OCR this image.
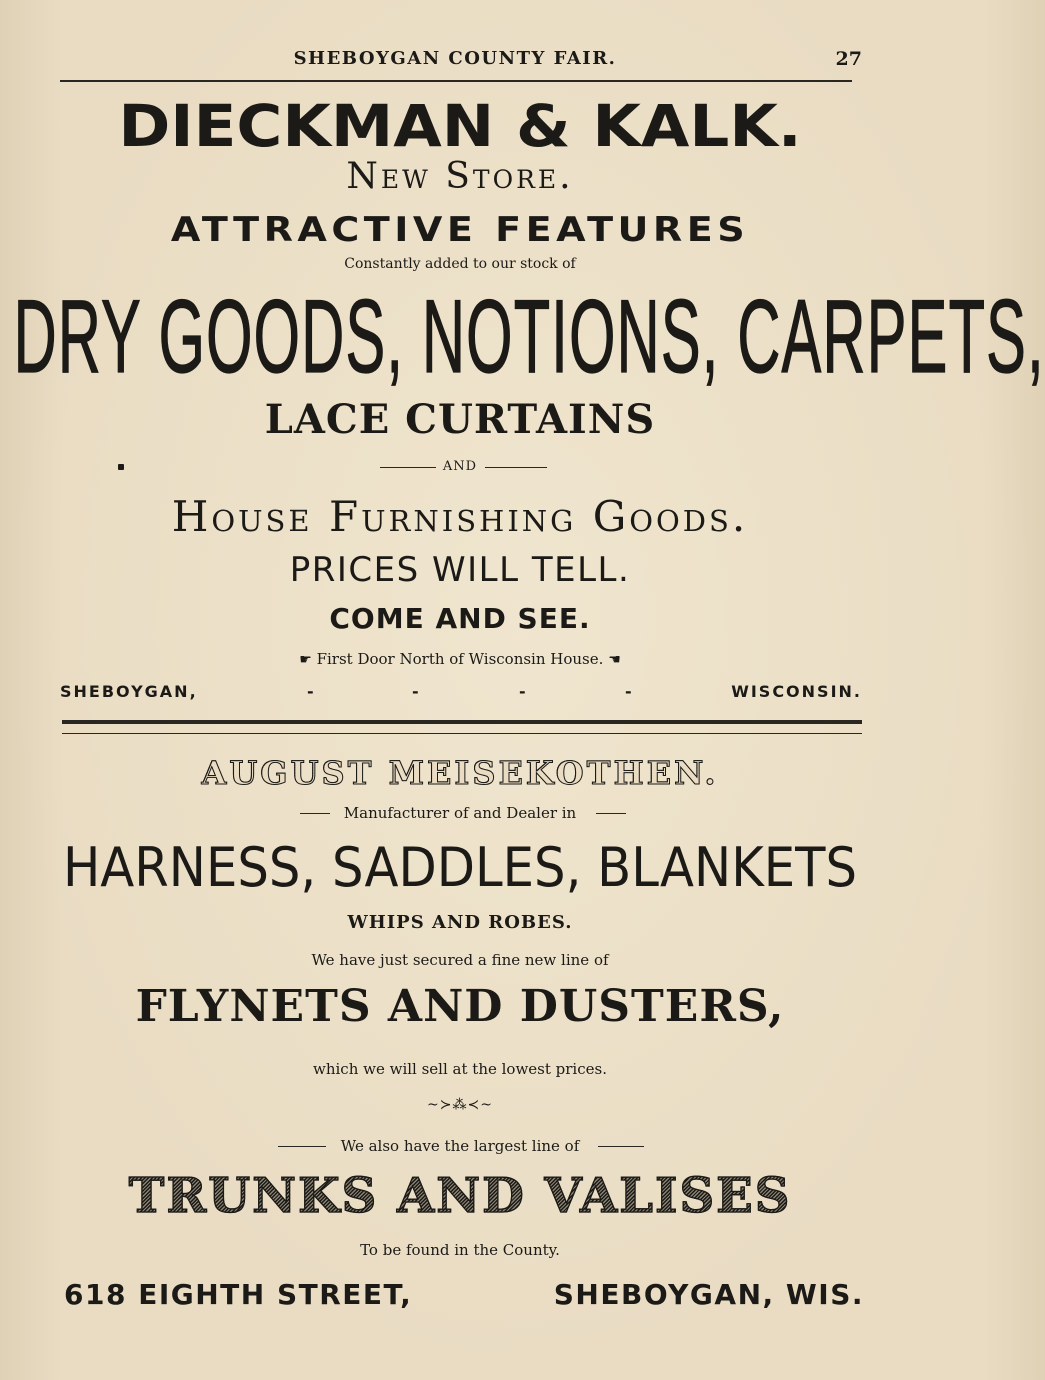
SHEBOYGAN COUNTY FAIR.	27
DIECKMAN & KALK.
New Store.
ATTRACTIVE FEATURES
Constantly added to our stock of
DRY GOODS, NOTIONS, CARPETS,
LACE CURTAINS
AND
House Furnishing Goods.
PRICES WILL TELL.
COME AND SEE.
☛ First Door North of Wisconsin House. ☚
SHEBOYGAN,	-	-	-	-	WISCONSIN.
AUGUST MEISEKOTHEN.
Manufacturer of and Dealer in
HARNESS, SADDLES, BLANKETS
WHIPS AND ROBES.
We have just secured a fine new line of
FLYNETS AND DUSTERS,
which we will sell at the lowest prices.
~≻⁂≺~
We also have the largest line of
TRUNKS AND VALISES
To be found in the County.
618 EIGHTH STREET,	SHEBOYGAN, WIS.
